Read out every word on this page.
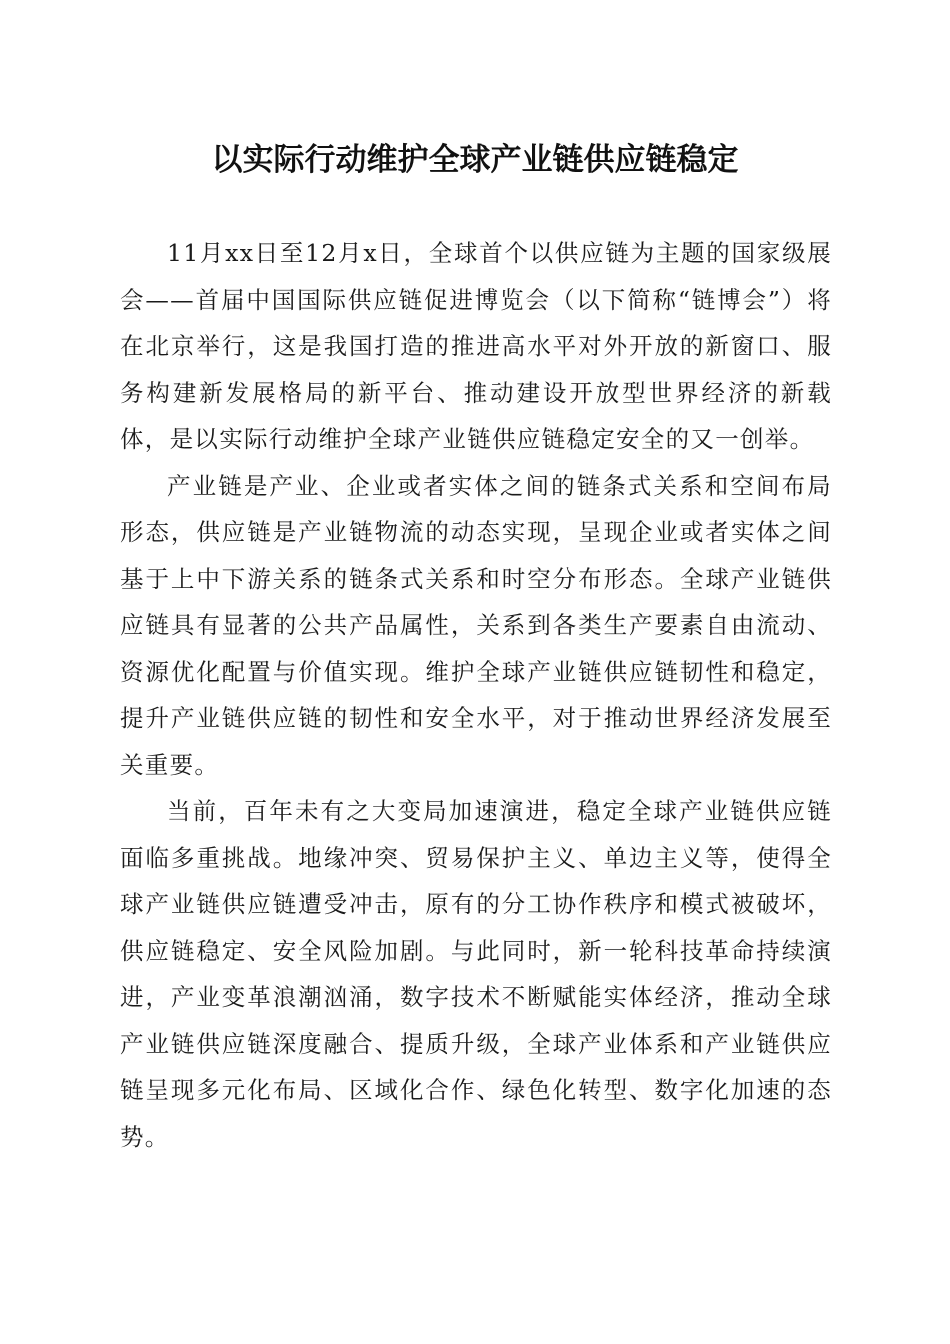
以实际行动维护全球产业链供应链稳定

11月xx日至12月x日，全球首个以供应链为主题的国家级展会——首届中国国际供应链促进博览会（以下简称“链博会”）将在北京举行，这是我国打造的推进高水平对外开放的新窗口、服务构建新发展格局的新平台、推动建设开放型世界经济的新载体，是以实际行动维护全球产业链供应链稳定安全的又一创举。

产业链是产业、企业或者实体之间的链条式关系和空间布局形态，供应链是产业链物流的动态实现，呈现企业或者实体之间基于上中下游关系的链条式关系和时空分布形态。全球产业链供应链具有显著的公共产品属性，关系到各类生产要素自由流动、资源优化配置与价值实现。维护全球产业链供应链韧性和稳定，提升产业链供应链的韧性和安全水平，对于推动世界经济发展至关重要。

当前，百年未有之大变局加速演进，稳定全球产业链供应链面临多重挑战。地缘冲突、贸易保护主义、单边主义等，使得全球产业链供应链遭受冲击，原有的分工协作秩序和模式被破坏，供应链稳定、安全风险加剧。与此同时，新一轮科技革命持续演进，产业变革浪潮汹涌，数字技术不断赋能实体经济，推动全球产业链供应链深度融合、提质升级，全球产业体系和产业链供应链呈现多元化布局、区域化合作、绿色化转型、数字化加速的态势。
